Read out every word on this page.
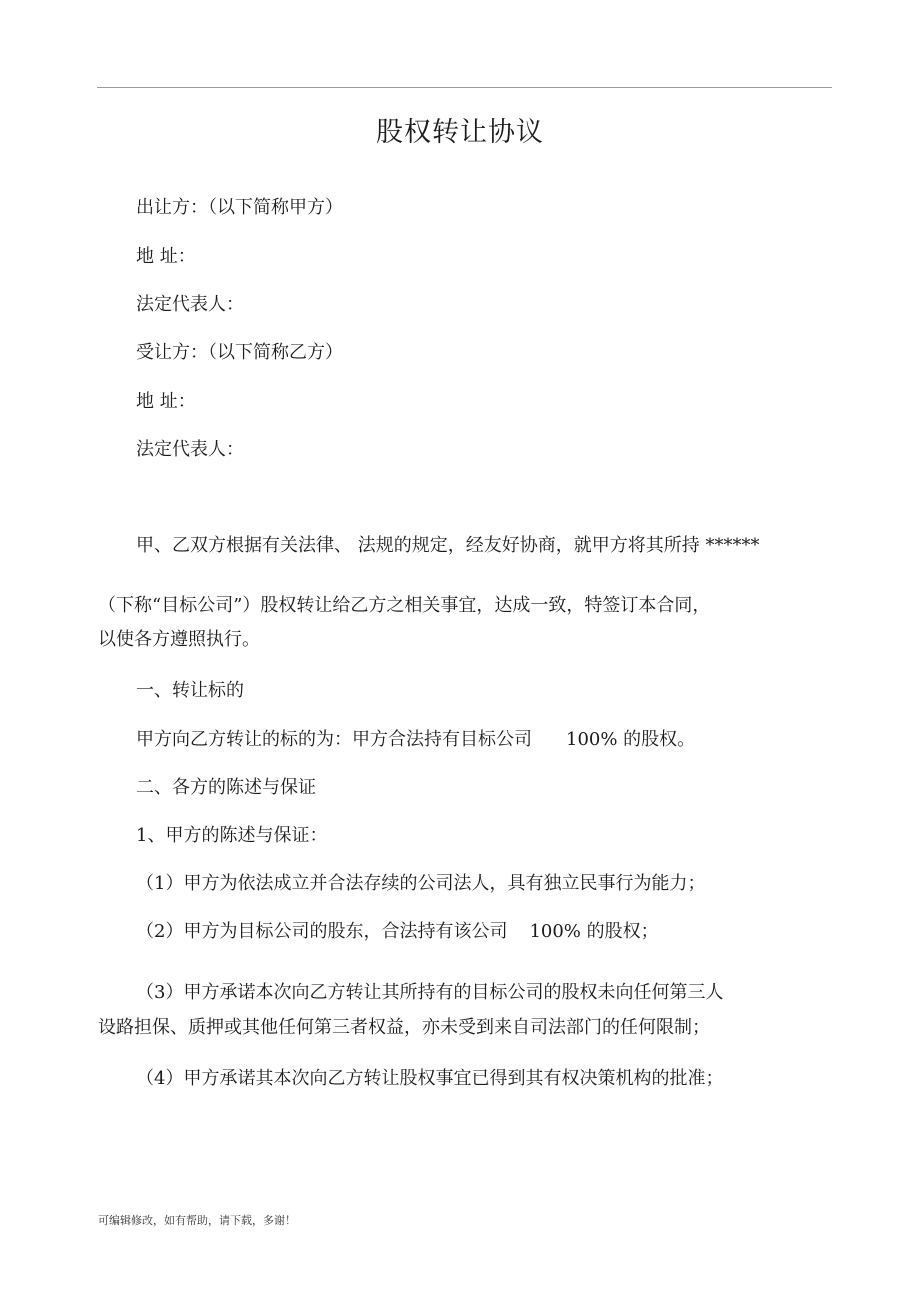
股权转让协议
出让方：（以下简称甲方）
地 址：
法定代表人：
受让方：（以下简称乙方）
地 址：
法定代表人：
甲、乙双方根据有关法律、 法规的规定，经友好协商，就甲方将其所持 ******
（下称“目标公司”）股权转让给乙方之相关事宜，达成一致，特签订本合同，
以使各方遵照执行。
一、转让标的
甲方向乙方转让的标的为：甲方合法持有目标公司 100% 的股权。
二、各方的陈述与保证
1、甲方的陈述与保证：
（1）甲方为依法成立并合法存续的公司法人，具有独立民事行为能力；
（2）甲方为目标公司的股东，合法持有该公司 100% 的股权；
（3）甲方承诺本次向乙方转让其所持有的目标公司的股权未向任何第三人
设路担保、质押或其他任何第三者权益，亦未受到来自司法部门的任何限制；
（4）甲方承诺其本次向乙方转让股权事宜已得到其有权决策机构的批准；
可编辑修改，如有帮助，请下载，多谢！
